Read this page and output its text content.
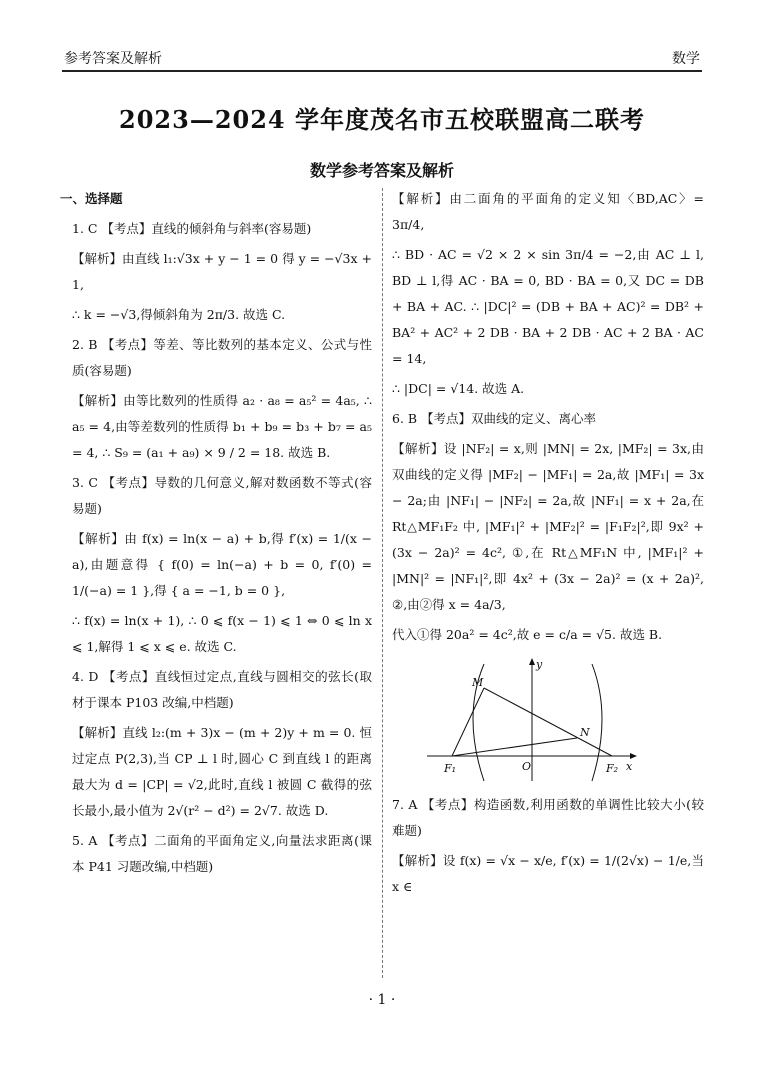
参考答案及解析	数学
2023—2024 学年度茂名市五校联盟高二联考
数学参考答案及解析

一、选择题

1. C 【考点】直线的倾斜角与斜率(容易题)

【解析】由直线 l₁:√3x + y − 1 = 0 得 y = −√3x + 1,

∴ k = −√3,得倾斜角为 2π/3. 故选 C.

2. B 【考点】等差、等比数列的基本定义、公式与性质(容易题)

【解析】由等比数列的性质得 a₂ · a₈ = a₅² = 4a₅, ∴ a₅ = 4,由等差数列的性质得 b₁ + b₉ = b₃ + b₇ = a₅ = 4, ∴ S₉ = (a₁ + a₉) × 9 / 2 = 18. 故选 B.

3. C 【考点】导数的几何意义,解对数函数不等式(容易题)

【解析】由 f(x) = ln(x − a) + b,得 f′(x) = 1/(x − a),由题意得 { f(0) = ln(−a) + b = 0, f′(0) = 1/(−a) = 1 },得 { a = −1, b = 0 },

∴ f(x) = ln(x + 1), ∴ 0 ⩽ f(x − 1) ⩽ 1 ⇔ 0 ⩽ ln x ⩽ 1,解得 1 ⩽ x ⩽ e. 故选 C.

4. D 【考点】直线恒过定点,直线与圆相交的弦长(取材于课本 P103 改编,中档题)

【解析】直线 l₂:(m + 3)x − (m + 2)y + m = 0. 恒过定点 P(2,3),当 CP ⊥ l 时,圆心 C 到直线 l 的距离最大为 d = |CP| = √2,此时,直线 l 被圆 C 截得的弦长最小,最小值为 2√(r² − d²) = 2√7. 故选 D.

5. A 【考点】二面角的平面角定义,向量法求距离(课本 P41 习题改编,中档题)

【解析】由二面角的平面角的定义知〈BD,AC〉= 3π/4,

∴ BD · AC = √2 × 2 × sin 3π/4 = −2,由 AC ⊥ l, BD ⊥ l,得 AC · BA = 0, BD · BA = 0,又 DC = DB + BA + AC. ∴ |DC|² = (DB + BA + AC)² = DB² + BA² + AC² + 2 DB · BA + 2 DB · AC + 2 BA · AC = 14,

∴ |DC| = √14. 故选 A.

6. B 【考点】双曲线的定义、离心率

【解析】设 |NF₂| = x,则 |MN| = 2x, |MF₂| = 3x,由双曲线的定义得 |MF₂| − |MF₁| = 2a,故 |MF₁| = 3x − 2a;由 |NF₁| − |NF₂| = 2a,故 |NF₁| = x + 2a,在 Rt△MF₁F₂ 中, |MF₁|² + |MF₂|² = |F₁F₂|²,即 9x² + (3x − 2a)² = 4c², ①,在 Rt△MF₁N 中, |MF₁|² + |MN|² = |NF₁|²,即 4x² + (3x − 2a)² = (x + 2a)², ②,由②得 x = 4a/3,

代入①得 20a² = 4c²,故 e = c/a = √5. 故选 B.

y
x
M
N
F₁	O	F₂

7. A 【考点】构造函数,利用函数的单调性比较大小(较难题)

【解析】设 f(x) = √x − x/e, f′(x) = 1/(2√x) − 1/e,当 x ∈

· 1 ·
